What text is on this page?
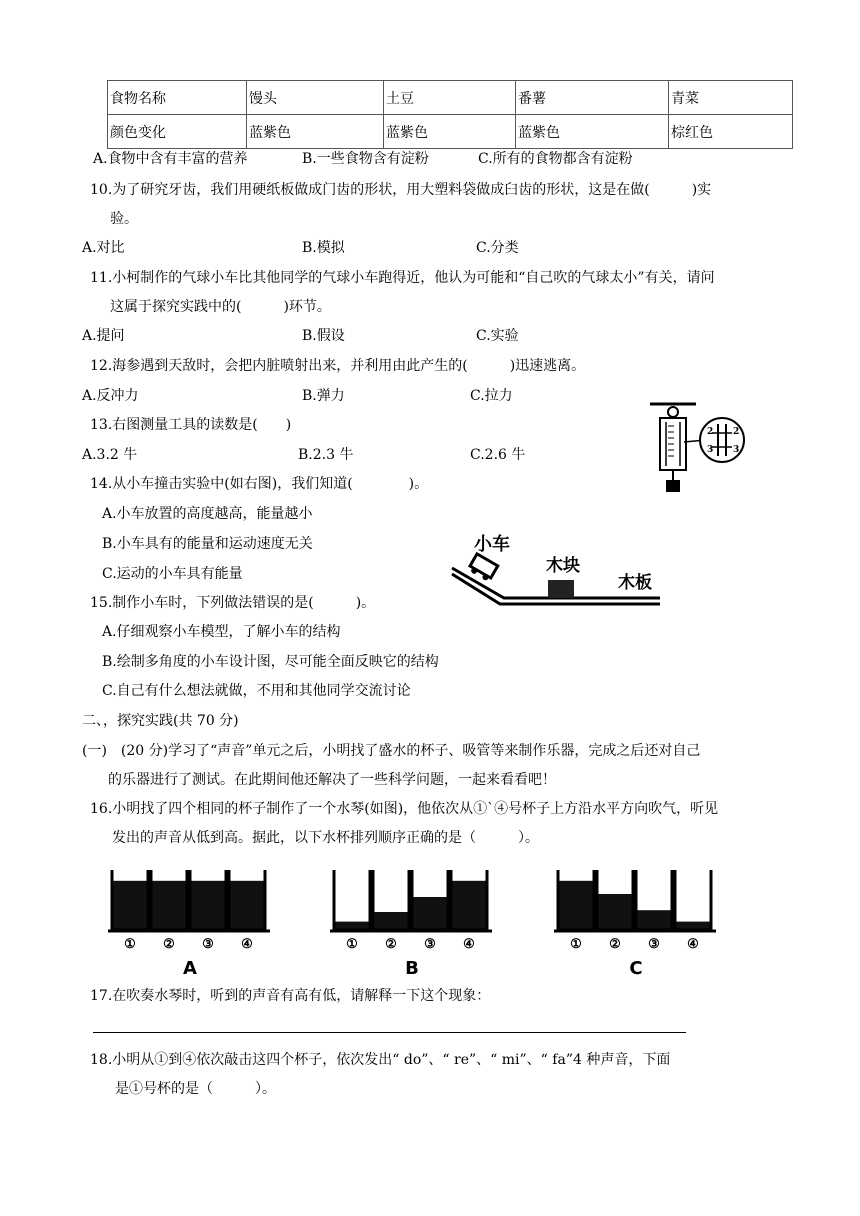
食物名称	馒头	土豆	番薯	青菜
颜色变化	蓝紫色	蓝紫色	蓝紫色	棕红色
A.食物中含有丰富的营养	B.一些食物含有淀粉	C.所有的食物都含有淀粉
10.为了研究牙齿，我们用硬纸板做成门齿的形状，用大塑料袋做成臼齿的形状，这是在做(　　　)实
验。
A.对比	B.模拟	C.分类
11.小柯制作的气球小车比其他同学的气球小车跑得近，他认为可能和“自己吹的气球太小”有关，请问
这属于探究实践中的(　　　)环节。
A.提问	B.假设	C.实验
12.海参遇到天敌时，会把内脏喷射出来，并利用由此产生的(　　　)迅速逃离。
A.反冲力	B.弹力	C.拉力
13.右图测量工具的读数是(　　)
A.3.2 牛	B.2.3 牛	C.2.6 牛
2
3
2
3
14.从小车撞击实验中(如右图)，我们知道(　　　　)。
A.小车放置的高度越高，能量越小
B.小车具有的能量和运动速度无关
C.运动的小车具有能量
小车
木块
木板
15.制作小车时，下列做法错误的是(　　　)。
A.仔细观察小车模型，了解小车的结构
B.绘制多角度的小车设计图，尽可能全面反映它的结构
C.自己有什么想法就做，不用和其他同学交流讨论
二、，探究实践(共 70 分)
(一)　(20 分)学习了“声音”单元之后，小明找了盛水的杯子、吸管等来制作乐器，完成之后还对自己
的乐器进行了测试。在此期间他还解决了一些科学问题，一起来看看吧！
16.小明找了四个相同的杯子制作了一个水琴(如图)，他依次从①`④号杯子上方沿水平方向吹气，听见
发出的声音从低到高。据此，以下水杯排列顺序正确的是（　　　）。
① ② ③ ④
A
① ② ③ ④
B
① ② ③ ④
C
17.在吹奏水琴时，听到的声音有高有低，请解释一下这个现象：
18.小明从①到④依次敲击这四个杯子，依次发出“ do”、“ re”、“ mi”、“ fa”4 种声音，下面
是①号杯的是（　　　）。
